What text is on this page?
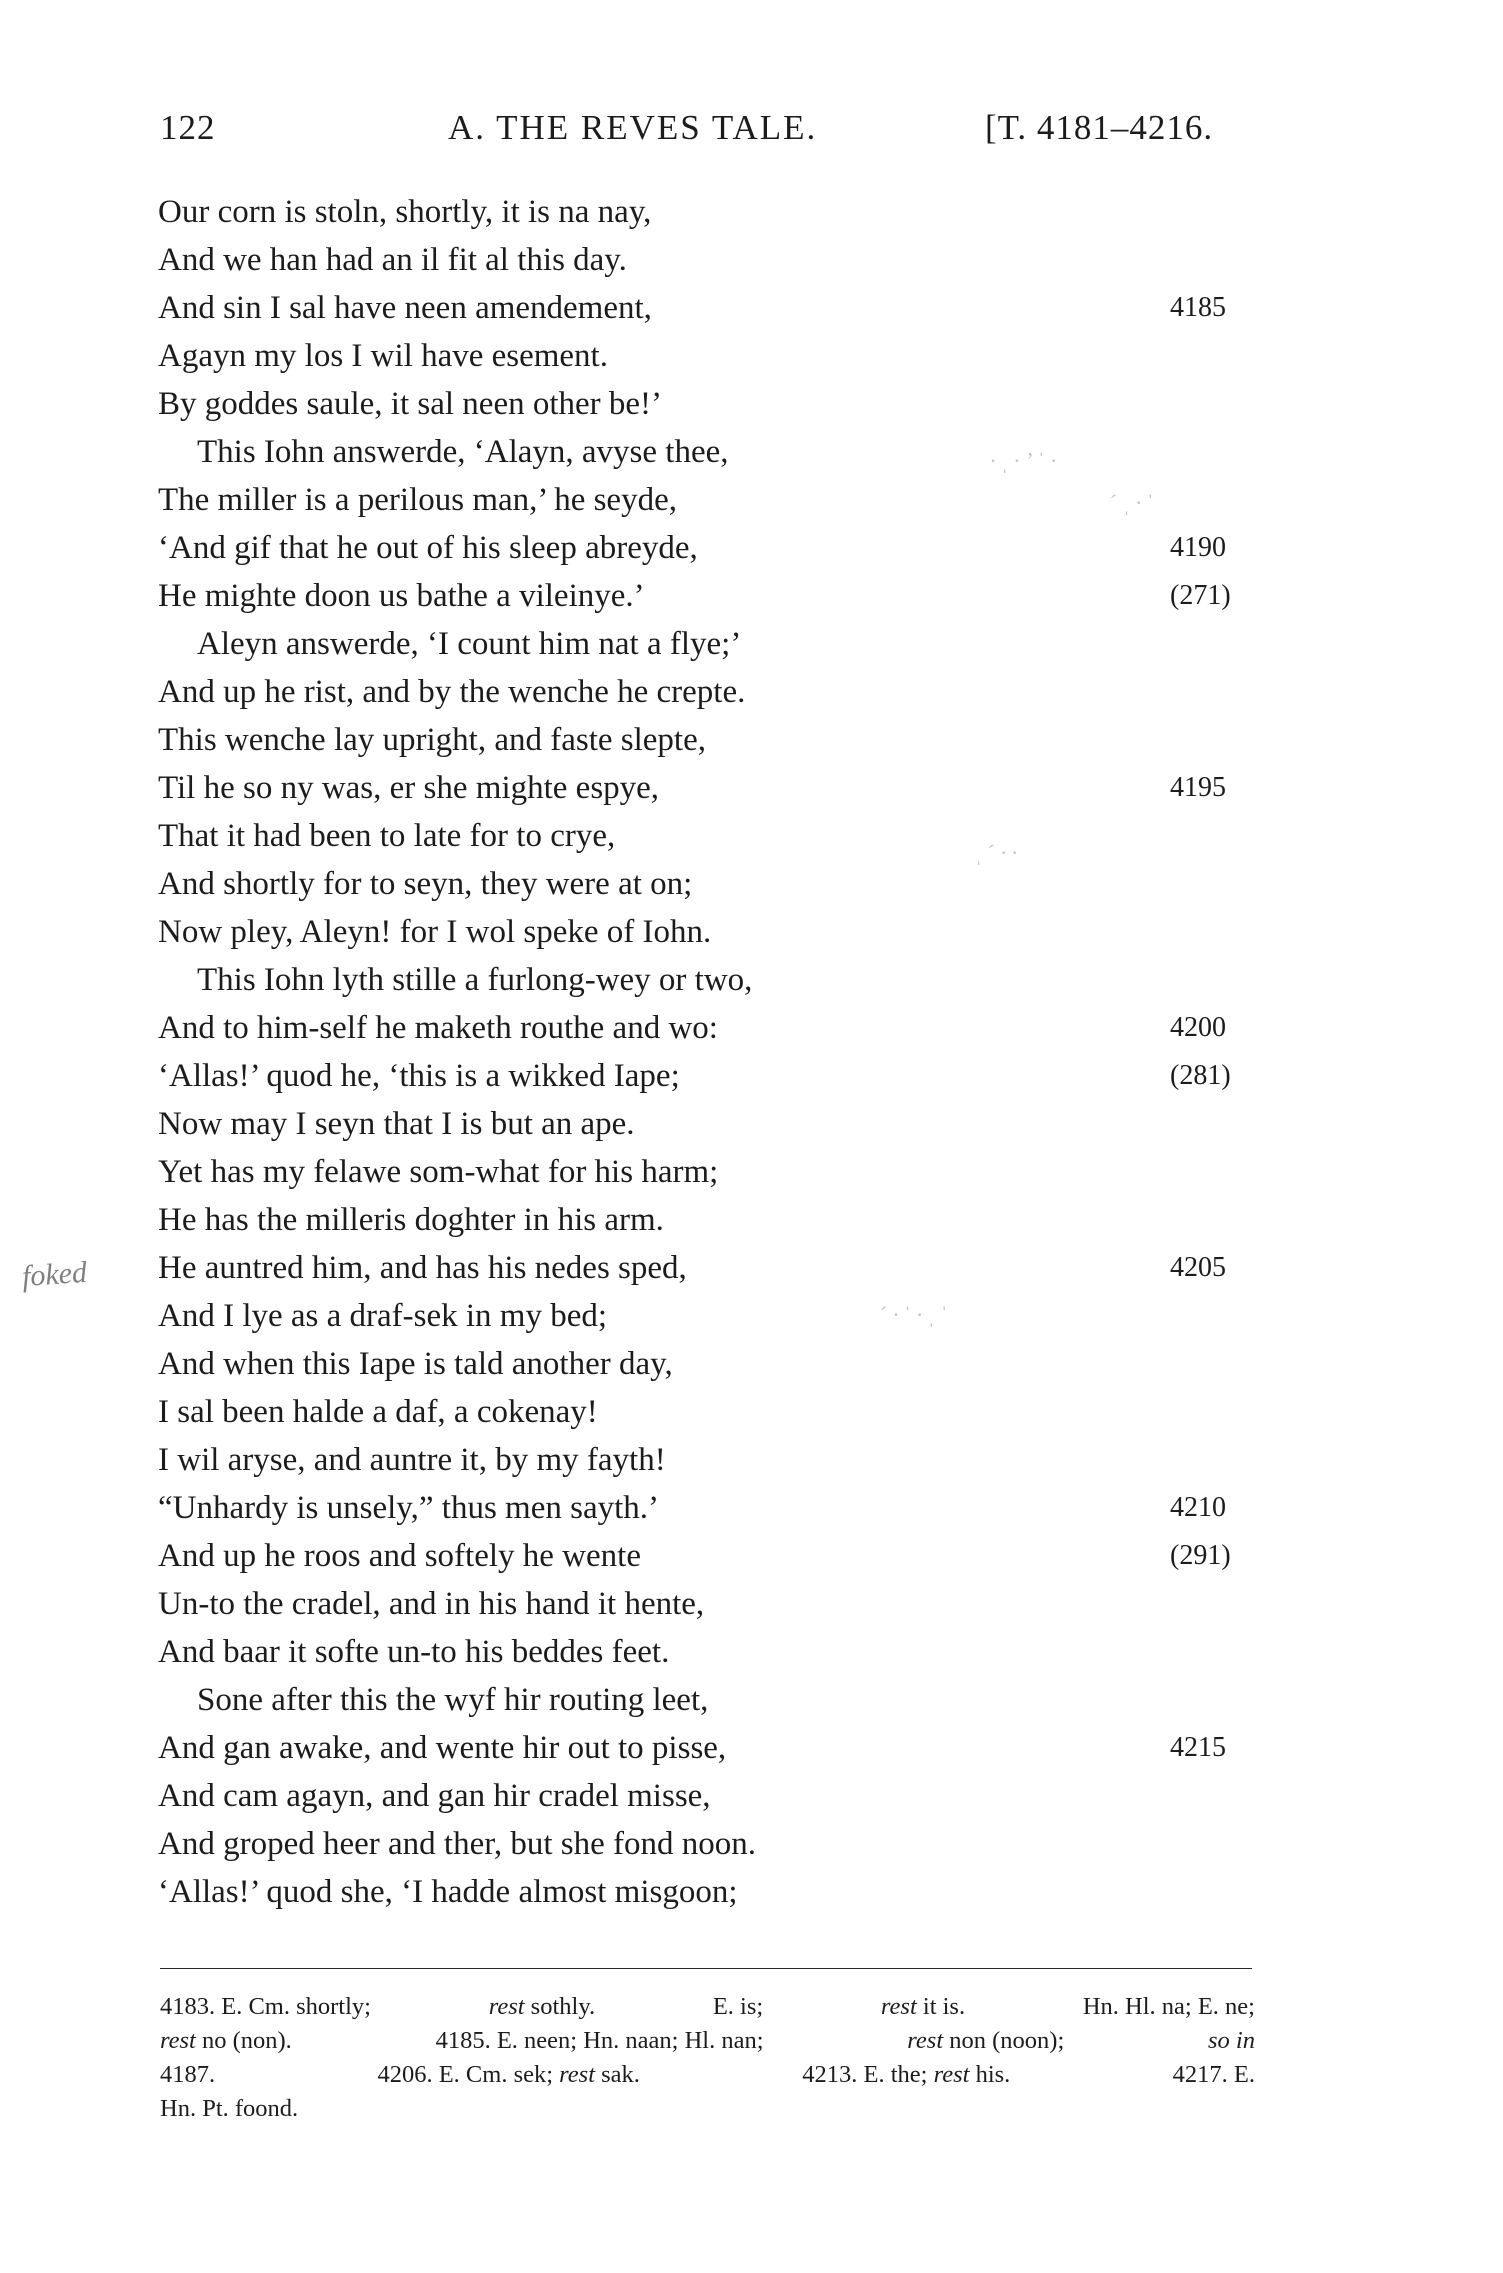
122	A. THE REVES TALE.	[T. 4181–4216.
Our corn is stoln, shortly, it is na nay,
And we han had an il fit al this day.
And sin I sal have neen amendement,	4185
Agayn my los I wil have esement.
By goddes saule, it sal neen other be!’
This Iohn answerde, ‘Alayn, avyse thee,
The miller is a perilous man,’ he seyde,
‘And gif that he out of his sleep abreyde,	4190
He mighte doon us bathe a vileinye.’	(271)
Aleyn answerde, ‘I count him nat a flye;’
And up he rist, and by the wenche he crepte.
This wenche lay upright, and faste slepte,
Til he so ny was, er she mighte espye,	4195
That it had been to late for to crye,
And shortly for to seyn, they were at on;
Now pley, Aleyn! for I wol speke of Iohn.
This Iohn lyth stille a furlong-wey or two,
And to him-self he maketh routhe and wo:	4200
‘Allas!’ quod he, ‘this is a wikked Iape;	(281)
Now may I seyn that I is but an ape.
Yet has my felawe som-what for his harm;
He has the milleris doghter in his arm.
He auntred him, and has his nedes sped,	4205
And I lye as a draf-sek in my bed;
And when this Iape is tald another day,
I sal been halde a daf, a cokenay!
I wil aryse, and auntre it, by my fayth!
“Unhardy is unsely,” thus men sayth.’	4210
And up he roos and softely he wente	(291)
Un-to the cradel, and in his hand it hente,
And baar it softe un-to his beddes feet.
Sone after this the wyf hir routing leet,
And gan awake, and wente hir out to pisse,	4215
And cam agayn, and gan hir cradel misse,
And groped heer and ther, but she fond noon.
‘Allas!’ quod she, ‘I hadde almost misgoon;
foked
· ˌ · ʼ ˈ ·
ˊ ˌ · ˈ
ˌ ˊ · ·
ˊ · ˈ · ˌ ˈ
4183. E. Cm. shortly;	rest sothly.	E. is;	rest it is.	Hn. Hl. na; E. ne;
rest no (non).	4185. E. neen; Hn. naan; Hl. nan;	rest non (noon);	so in
4187.	4206. E. Cm. sek; rest sak.	4213. E. the; rest his.	4217. E.
Hn. Pt. foond.
